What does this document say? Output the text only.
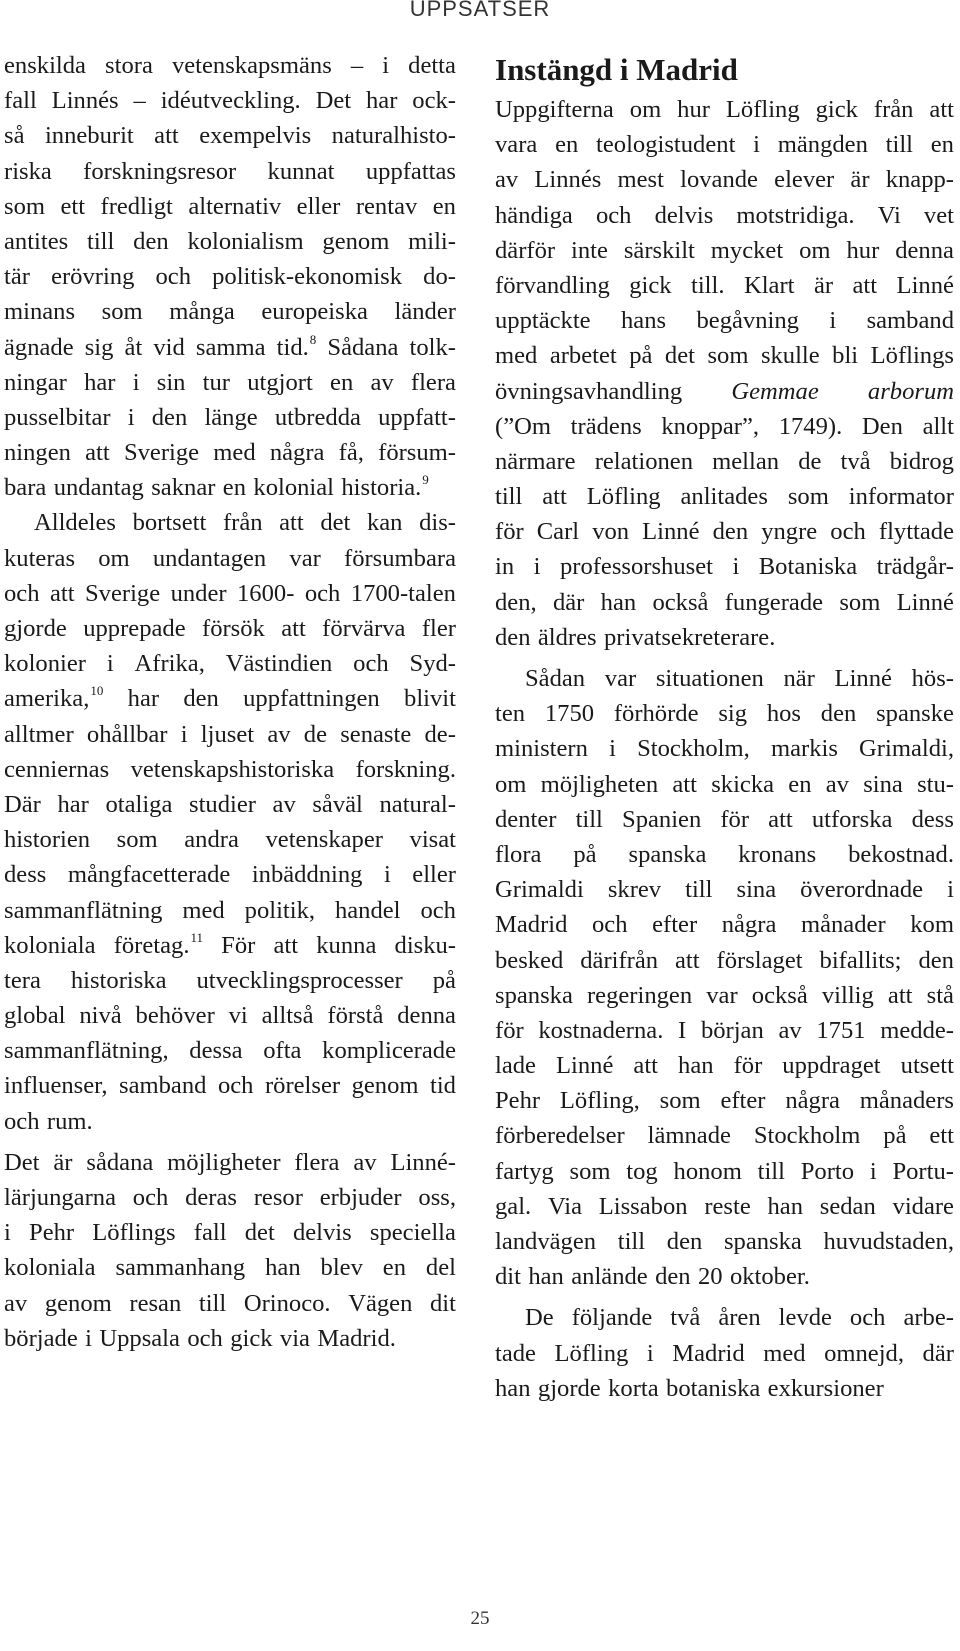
UPPSATSER
enskilda stora vetenskapsmäns – i detta
fall Linnés – idéutveckling. Det har ock-
så inneburit att exempelvis naturalhisto-
riska forskningsresor kunnat uppfattas
som ett fredligt alternativ eller rentav en
antites till den kolonialism genom mili-
tär erövring och politisk-ekonomisk do-
minans som många europeiska länder
ägnade sig åt vid samma tid.$^8$ Sådana tolk-
ningar har i sin tur utgjort en av flera
pusselbitar i den länge utbredda uppfatt-
ningen att Sverige med några få, försum-
bara undantag saknar en kolonial historia.$^9$
Alldeles bortsett från att det kan dis-
kuteras om undantagen var försumbara
och att Sverige under 1600- och 1700-talen
gjorde upprepade försök att förvärva fler
kolonier i Afrika, Västindien och Syd-
amerika,$^{10}$ har den uppfattningen blivit
alltmer ohållbar i ljuset av de senaste de-
cenniernas vetenskapshistoriska forskning.
Där har otaliga studier av såväl natural-
historien som andra vetenskaper visat
dess mångfacetterade inbäddning i eller
sammanflätning med politik, handel och
koloniala företag.$^{11}$ För att kunna disku-
tera historiska utvecklingsprocesser på
global nivå behöver vi alltså förstå denna
sammanflätning, dessa ofta komplicerade
influenser, samband och rörelser genom tid
och rum.
Det är sådana möjligheter flera av Linné-
lärjungarna och deras resor erbjuder oss,
i Pehr Löflings fall det delvis speciella
koloniala sammanhang han blev en del
av genom resan till Orinoco. Vägen dit
började i Uppsala och gick via Madrid.
Instängd i Madrid
Uppgifterna om hur Löfling gick från att
vara en teologistudent i mängden till en
av Linnés mest lovande elever är knapp-
händiga och delvis motstridiga. Vi vet
därför inte särskilt mycket om hur denna
förvandling gick till. Klart är att Linné
upptäckte hans begåvning i samband
med arbetet på det som skulle bli Löflings
övningsavhandling Gemmae arborum
(”Om trädens knoppar”, 1749). Den allt
närmare relationen mellan de två bidrog
till att Löfling anlitades som informator
för Carl von Linné den yngre och flyttade
in i professorshuset i Botaniska trädgår-
den, där han också fungerade som Linné
den äldres privatsekreterare.
Sådan var situationen när Linné hös-
ten 1750 förhörde sig hos den spanske
ministern i Stockholm, markis Grimaldi,
om möjligheten att skicka en av sina stu-
denter till Spanien för att utforska dess
flora på spanska kronans bekostnad.
Grimaldi skrev till sina överordnade i
Madrid och efter några månader kom
besked därifrån att förslaget bifallits; den
spanska regeringen var också villig att stå
för kostnaderna. I början av 1751 medde-
lade Linné att han för uppdraget utsett
Pehr Löfling, som efter några månaders
förberedelser lämnade Stockholm på ett
fartyg som tog honom till Porto i Portu-
gal. Via Lissabon reste han sedan vidare
landvägen till den spanska huvudstaden,
dit han anlände den 20 oktober.
De följande två åren levde och arbe-
tade Löfling i Madrid med omnejd, där
han gjorde korta botaniska exkursioner
25
